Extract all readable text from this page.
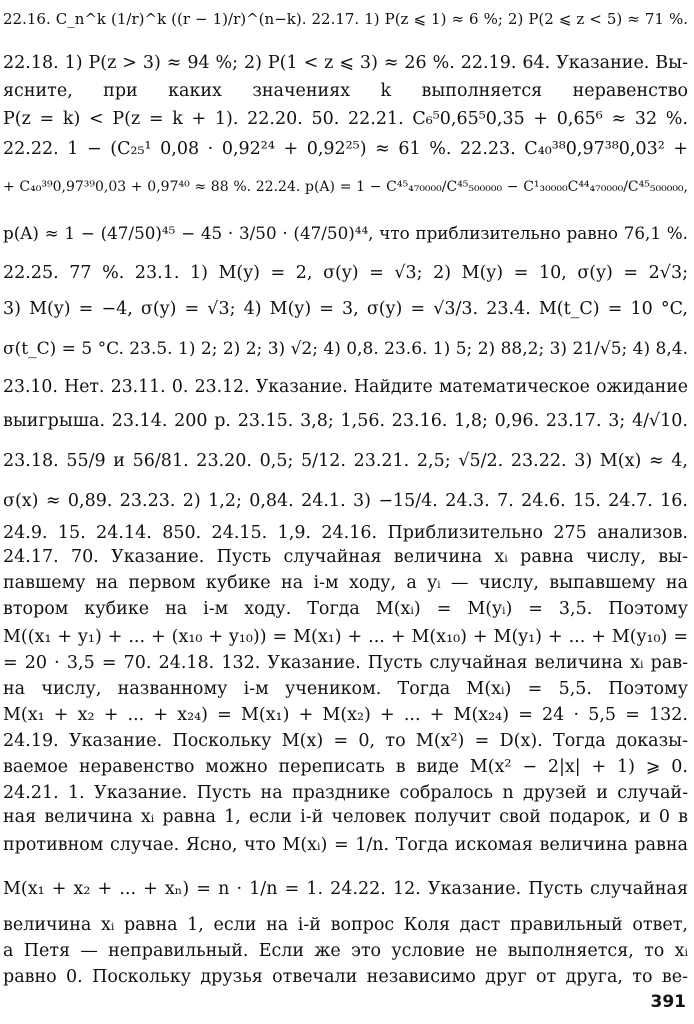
22.16. C_n^k (1/r)^k ((r − 1)/r)^(n−k). 22.17. 1) P(z ⩽ 1) ≈ 6 %; 2) P(2 ⩽ z < 5) ≈ 71 %.
22.18. 1) P(z > 3) ≈ 94 %; 2) P(1 < z ⩽ 3) ≈ 26 %. 22.19. 64. Указание. Вы-
ясните, при каких значениях k выполняется неравенство
P(z = k) < P(z = k + 1). 22.20. 50. 22.21. C₆⁵0,65⁵0,35 + 0,65⁶ ≈ 32 %.
22.22. 1 − (C₂₅¹ 0,08 · 0,92²⁴ + 0,92²⁵) ≈ 61 %. 22.23. C₄₀³⁸0,97³⁸0,03² +
+ C₄₀³⁹0,97³⁹0,03 + 0,97⁴⁰ ≈ 88 %. 22.24. p(A) = 1 − C⁴⁵₄₇₀₀₀₀/C⁴⁵₅₀₀₀₀₀ − C¹₃₀₀₀₀C⁴⁴₄₇₀₀₀₀/C⁴⁵₅₀₀₀₀₀,
p(A) ≈ 1 − (47/50)⁴⁵ − 45 · 3/50 · (47/50)⁴⁴, что приблизительно равно 76,1 %.
22.25. 77 %. 23.1. 1) M(y) = 2, σ(y) = √3; 2) M(y) = 10, σ(y) = 2√3;
3) M(y) = −4, σ(y) = √3; 4) M(y) = 3, σ(y) = √3/3. 23.4. M(t_C) = 10 °C,
σ(t_C) = 5 °C. 23.5. 1) 2; 2) 2; 3) √2; 4) 0,8. 23.6. 1) 5; 2) 88,2; 3) 21/√5; 4) 8,4.
23.10. Нет. 23.11. 0. 23.12. Указание. Найдите математическое ожидание
выигрыша. 23.14. 200 р. 23.15. 3,8; 1,56. 23.16. 1,8; 0,96. 23.17. 3; 4/√10.
23.18. 55/9 и 56/81. 23.20. 0,5; 5/12. 23.21. 2,5; √5/2. 23.22. 3) M(x) ≈ 4,
σ(x) ≈ 0,89. 23.23. 2) 1,2; 0,84. 24.1. 3) −15/4. 24.3. 7. 24.6. 15. 24.7. 16.
24.9. 15. 24.14. 850. 24.15. 1,9. 24.16. Приблизительно 275 анализов.
24.17. 70. Указание. Пусть случайная величина xᵢ равна числу, вы-
павшему на первом кубике на i-м ходу, а yᵢ — числу, выпавшему на
втором кубике на i-м ходу. Тогда M(xᵢ) = M(yᵢ) = 3,5. Поэтому
M((x₁ + y₁) + ... + (x₁₀ + y₁₀)) = M(x₁) + ... + M(x₁₀) + M(y₁) + ... + M(y₁₀) =
= 20 · 3,5 = 70. 24.18. 132. Указание. Пусть случайная величина xᵢ рав-
на числу, названному i-м учеником. Тогда M(xᵢ) = 5,5. Поэтому
M(x₁ + x₂ + ... + x₂₄) = M(x₁) + M(x₂) + ... + M(x₂₄) = 24 · 5,5 = 132.
24.19. Указание. Поскольку M(x) = 0, то M(x²) = D(x). Тогда доказы-
ваемое неравенство можно переписать в виде M(x² − 2|x| + 1) ⩾ 0.
24.21. 1. Указание. Пусть на празднике собралось n друзей и случай-
ная величина xᵢ равна 1, если i-й человек получит свой подарок, и 0 в
противном случае. Ясно, что M(xᵢ) = 1/n. Тогда искомая величина равна
M(x₁ + x₂ + ... + xₙ) = n · 1/n = 1. 24.22. 12. Указание. Пусть случайная
величина xᵢ равна 1, если на i-й вопрос Коля даст правильный ответ,
а Петя — неправильный. Если же это условие не выполняется, то xᵢ
равно 0. Поскольку друзья отвечали независимо друг от друга, то ве-
391
